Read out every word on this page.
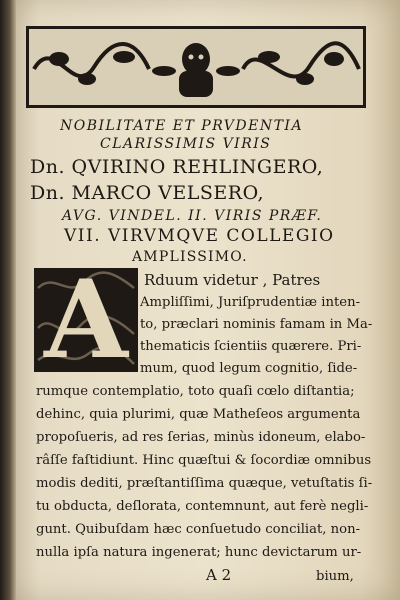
NOBILITATE ET PRVDENTIA
CLARISSIMIS VIRIS
Dn. QVIRINO REHLINGERO,
Dn. MARCO VELSERO,
AVG. VINDEL. II. VIRIS PRÆF.
VII. VIRVMQVE COLLEGIO
AMPLISSIMO.
A	Rduum videtur , Patres
Ampliſſimi, Juriſprudentiæ inten-
to, præclari nominis famam in Ma-
thematicis ſcientiis quærere. Pri-
mum, quod legum cognitio, ſide-
rumque contemplatio, toto quaſi cœlo diſtantia;
dehinc, quia plurimi, quæ Matheſeos argumenta
propoſueris, ad res ſerias, minùs idoneum, elabo-
râſſe faſtidiunt. Hinc quæſtui & ſocordiæ omnibus
modis dediti, præſtantiſſima quæque, vetuſtatis ſi-
tu obducta, deſlorata, contemnunt, aut ferè negli-
gunt. Quibuſdam hæc conſuetudo conciliat, non-
nulla ipſa natura ingenerat; hunc devictarum ur-
A 2	bium,
